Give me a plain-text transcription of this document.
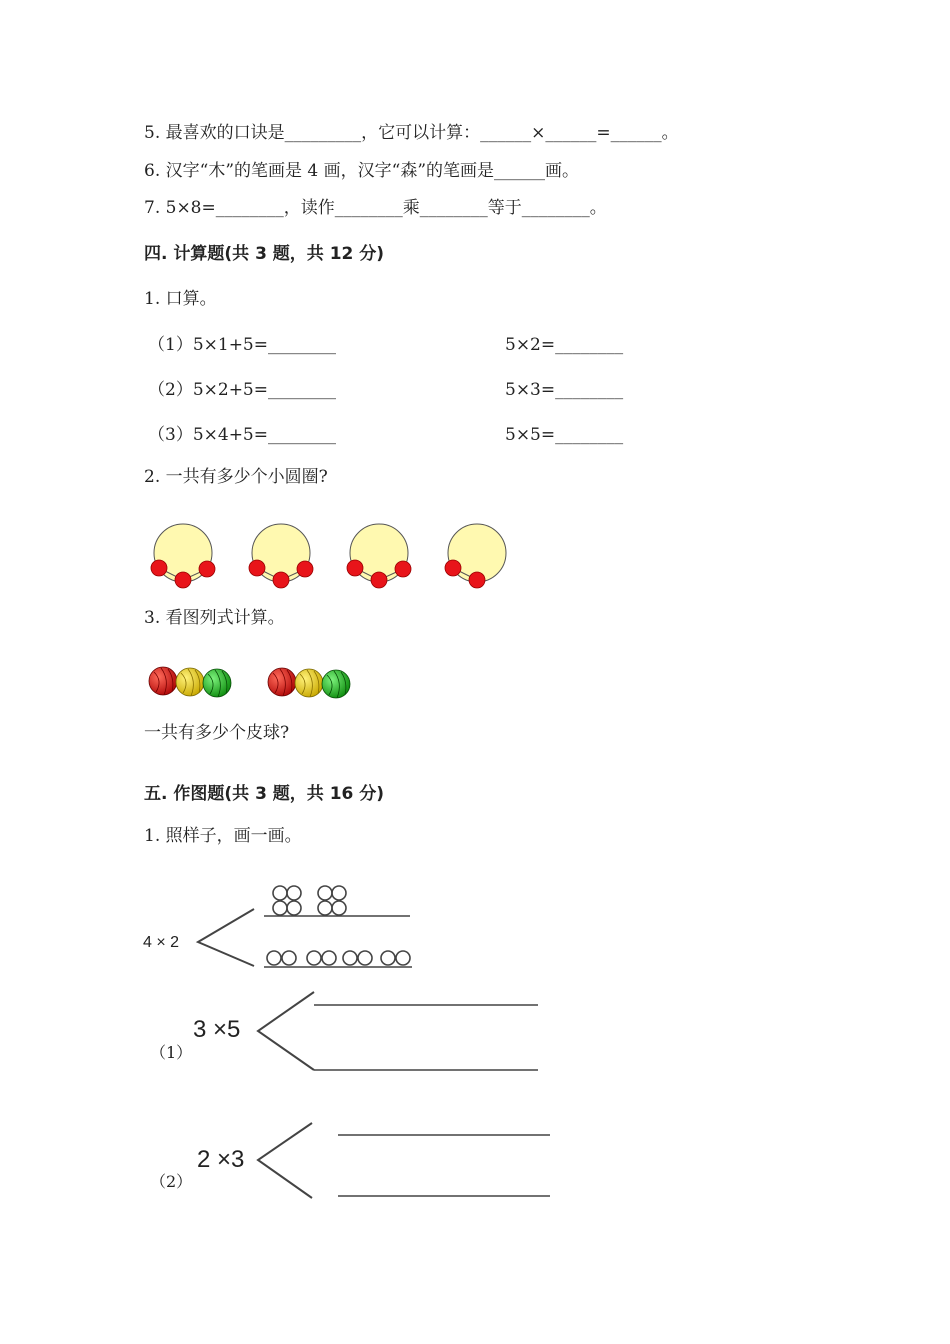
5. 最喜欢的口诀是_________，它可以计算：______×______=______。
6. 汉字“木”的笔画是 4 画，汉字“森”的笔画是______画。
7. 5×8=________，读作________乘________等于________。
四. 计算题(共 3 题，共 12 分)
1. 口算。
（1）5×1+5=________	5×2=________
（2）5×2+5=________	5×3=________
（3）5×4+5=________	5×5=________
2. 一共有多少个小圆圈?
3. 看图列式计算。
一共有多少个皮球?
五. 作图题(共 3 题，共 16 分)
1. 照样子，画一画。
4 × 2
（1）
3 ×5
（2）
2 ×3
